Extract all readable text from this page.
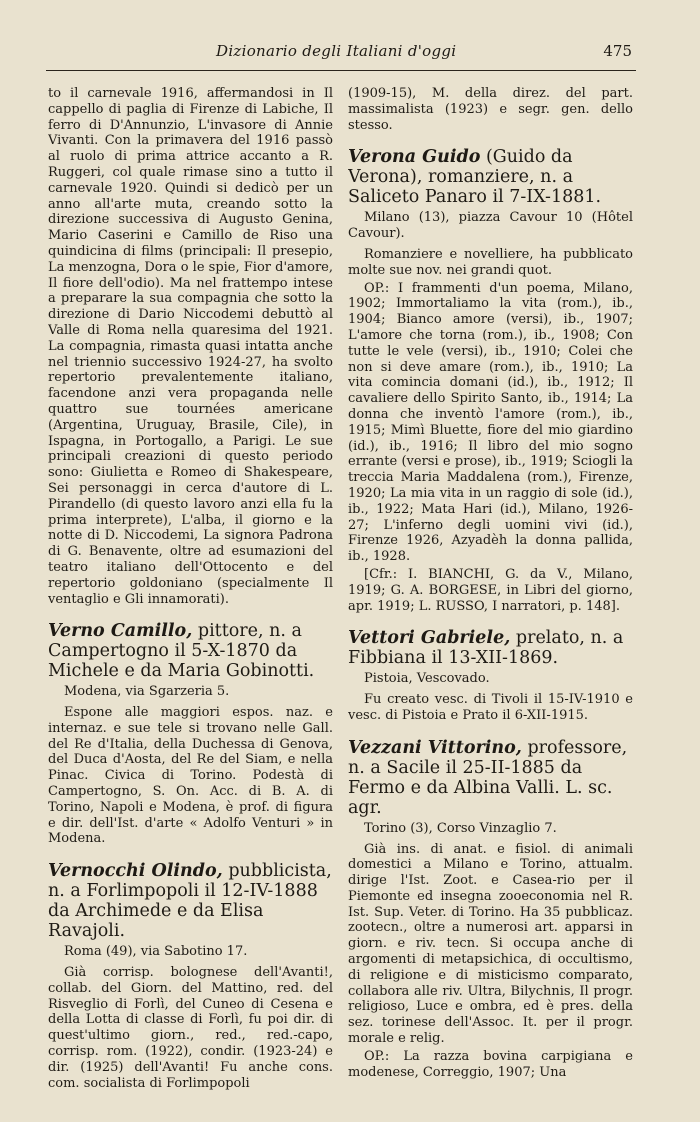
Dizionario degli Italiani d'oggi	475

to il carnevale 1916, affermandosi in Il cappello di paglia di Firenze di Labiche, Il ferro di D'Annunzio, L'invasore di Annie Vivanti. Con la primavera del 1916 passò al ruolo di prima attrice accanto a R. Ruggeri, col quale rimase sino a tutto il carnevale 1920. Quindi si dedicò per un anno all'arte muta, creando sotto la direzione successiva di Augusto Genina, Mario Caserini e Camillo de Riso una quindicina di films (principali: Il presepio, La menzogna, Dora o le spie, Fior d'amore, Il fiore dell'odio). Ma nel frattempo intese a preparare la sua compagnia che sotto la direzione di Dario Niccodemi debuttò al Valle di Roma nella quaresima del 1921. La compagnia, rimasta quasi intatta anche nel triennio successivo 1924-27, ha svolto repertorio prevalentemente italiano, facendone anzi vera propaganda nelle quattro sue tournées americane (Argentina, Uruguay, Brasile, Cile), in Ispagna, in Portogallo, a Parigi. Le sue principali creazioni di questo periodo sono: Giulietta e Romeo di Shakespeare, Sei personaggi in cerca d'autore di L. Pirandello (di questo lavoro anzi ella fu la prima interprete), L'alba, il giorno e la notte di D. Niccodemi, La signora Padrona di G. Benavente, oltre ad esumazioni del teatro italiano dell'Ottocento e del repertorio goldoniano (specialmente Il ventaglio e Gli innamorati).

Verno Camillo, pittore, n. a Campertogno il 5-X-1870 da Michele e da Maria Gobinotti.

Modena, via Sgarzeria 5.

Espone alle maggiori espos. naz. e internaz. e sue tele si trovano nelle Gall. del Re d'Italia, della Duchessa di Genova, del Duca d'Aosta, del Re del Siam, e nella Pinac. Civica di Torino. Podestà di Campertogno, S. On. Acc. di B. A. di Torino, Napoli e Modena, è prof. di figura e dir. dell'Ist. d'arte « Adolfo Venturi » in Modena.

Vernocchi Olindo, pubblicista, n. a Forlimpopoli il 12-IV-1888 da Archimede e da Elisa Ravajoli.

Roma (49), via Sabotino 17.

Già corrisp. bolognese dell'Avanti!, collab. del Giorn. del Mattino, red. del Risveglio di Forlì, del Cuneo di Cesena e della Lotta di classe di Forlì, fu poi dir. di quest'ultimo giorn., red., red.-capo, corrisp. rom. (1922), condir. (1923-24) e dir. (1925) dell'Avanti! Fu anche cons. com. socialista di Forlimpopoli

(1909-15), M. della direz. del part. massimalista (1923) e segr. gen. dello stesso.

Verona Guido (Guido da Verona), romanziere, n. a Saliceto Panaro il 7-IX-1881.

Milano (13), piazza Cavour 10 (Hôtel Cavour).

Romanziere e novelliere, ha pubblicato molte sue nov. nei grandi quot.

OP.: I frammenti d'un poema, Milano, 1902; Immortaliamo la vita (rom.), ib., 1904; Bianco amore (versi), ib., 1907; L'amore che torna (rom.), ib., 1908; Con tutte le vele (versi), ib., 1910; Colei che non si deve amare (rom.), ib., 1910; La vita comincia domani (id.), ib., 1912; Il cavaliere dello Spirito Santo, ib., 1914; La donna che inventò l'amore (rom.), ib., 1915; Mimì Bluette, fiore del mio giardino (id.), ib., 1916; Il libro del mio sogno errante (versi e prose), ib., 1919; Sciogli la treccia Maria Maddalena (rom.), Firenze, 1920; La mia vita in un raggio di sole (id.), ib., 1922; Mata Hari (id.), Milano, 1926-27; L'inferno degli uomini vivi (id.), Firenze 1926, Azyadèh la donna pallida, ib., 1928.

[Cfr.: I. BIANCHI, G. da V., Milano, 1919; G. A. BORGESE, in Libri del giorno, apr. 1919; L. RUSSO, I narratori, p. 148].

Vettori Gabriele, prelato, n. a Fibbiana il 13-XII-1869.

Pistoia, Vescovado.

Fu creato vesc. di Tivoli il 15-IV-1910 e vesc. di Pistoia e Prato il 6-XII-1915.

Vezzani Vittorino, professore, n. a Sacile il 25-II-1885 da Fermo e da Albina Valli. L. sc. agr.

Torino (3), Corso Vinzaglio 7.

Già ins. di anat. e fisiol. di animali domestici a Milano e Torino, attualm. dirige l'Ist. Zoot. e Casea-rio per il Piemonte ed insegna zooeconomia nel R. Ist. Sup. Veter. di Torino. Ha 35 pubblicaz. zootecn., oltre a numerosi art. apparsi in giorn. e riv. tecn. Si occupa anche di argomenti di metapsichica, di occultismo, di religione e di misticismo comparato, collabora alle riv. Ultra, Bilychnis, Il progr. religioso, Luce e ombra, ed è pres. della sez. torinese dell'Assoc. It. per il progr. morale e relig.

OP.: La razza bovina carpigiana e modenese, Correggio, 1907; Una
